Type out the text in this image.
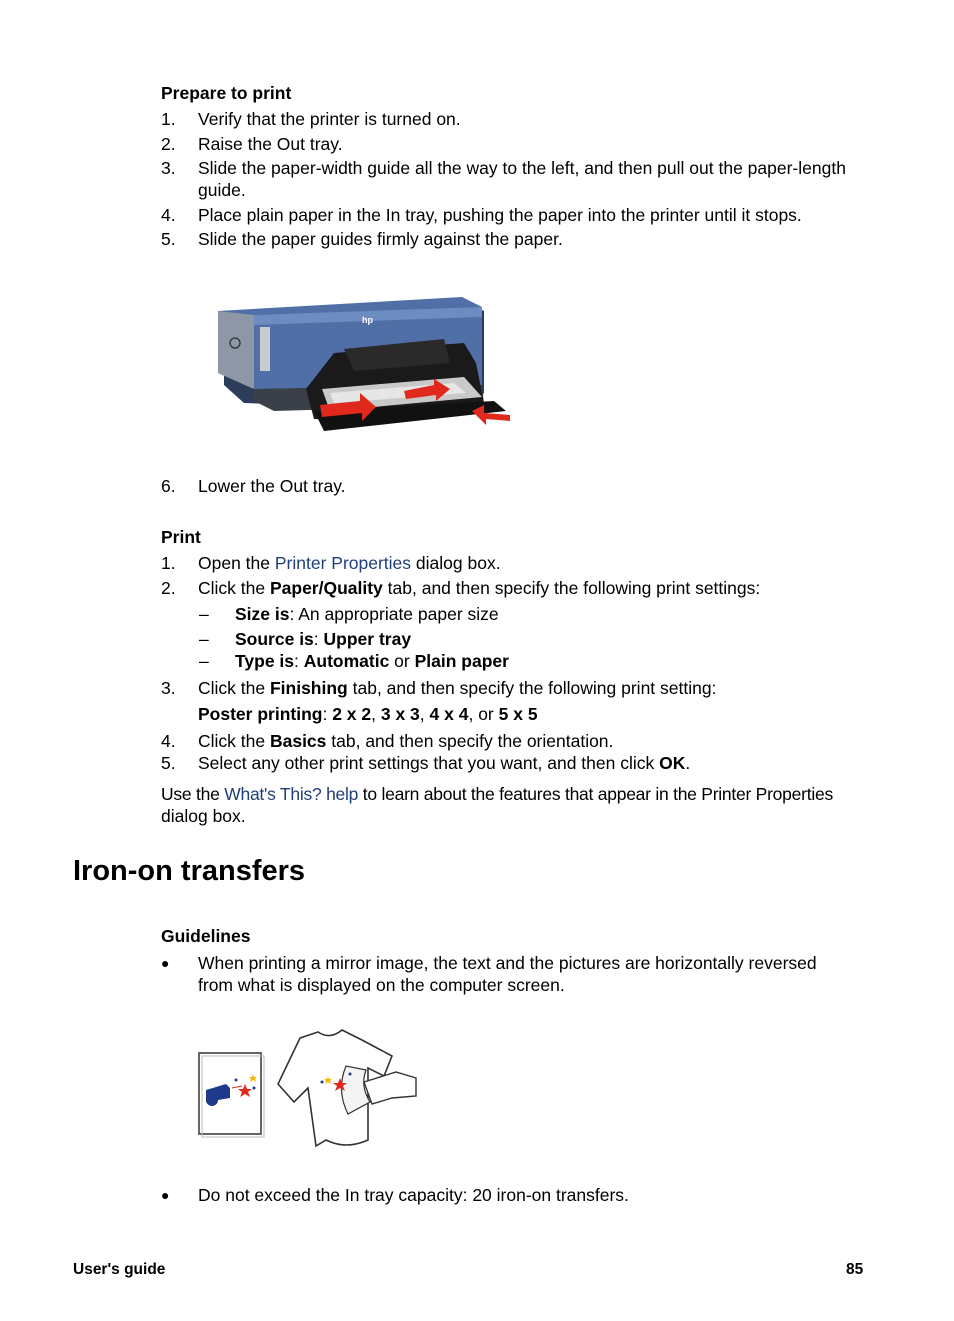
Prepare to print
1. Verify that the printer is turned on.
2. Raise the Out tray.
3. Slide the paper-width guide all the way to the left, and then pull out the paper-length
guide.
4. Place plain paper in the In tray, pushing the paper into the printer until it stops.
5. Slide the paper guides firmly against the paper.
hp
6. Lower the Out tray.
Print
1. Open the Printer Properties dialog box.
2. Click the Paper/Quality tab, and then specify the following print settings:
– Size is: An appropriate paper size
– Source is: Upper tray
– Type is: Automatic or Plain paper
3. Click the Finishing tab, and then specify the following print setting:
Poster printing: 2 x 2, 3 x 3, 4 x 4, or 5 x 5
4. Click the Basics tab, and then specify the orientation.
5. Select any other print settings that you want, and then click OK.
Use the What's This? help to learn about the features that appear in the Printer Properties
dialog box.
Iron-on transfers
Guidelines
● When printing a mirror image, the text and the pictures are horizontally reversed
from what is displayed on the computer screen.
● Do not exceed the In tray capacity: 20 iron-on transfers.
User's guide	85
